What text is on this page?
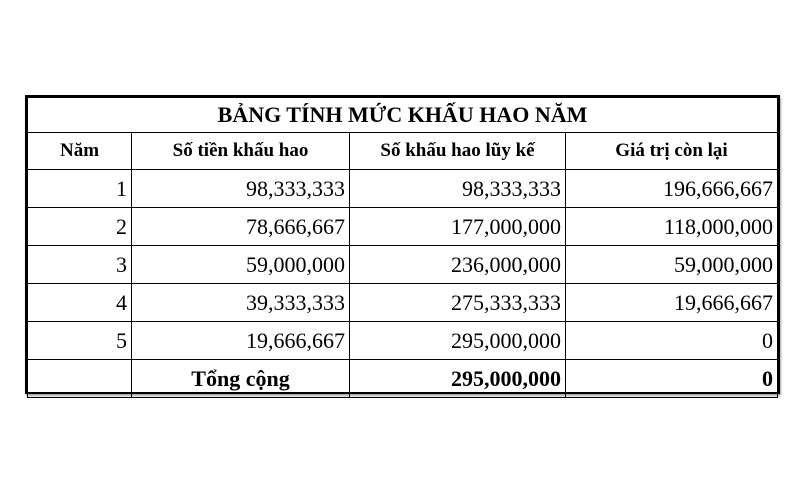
BẢNG TÍNH MỨC KHẤU HAO NĂM			
Năm	Số tiền khấu hao	Số khấu hao lũy kế	Giá trị còn lại
1	98,333,333	98,333,333	196,666,667
2	78,666,667	177,000,000	118,000,000
3	59,000,000	236,000,000	59,000,000
4	39,333,333	275,333,333	19,666,667
5	19,666,667	295,000,000	0
	Tổng cộng	295,000,000	0
